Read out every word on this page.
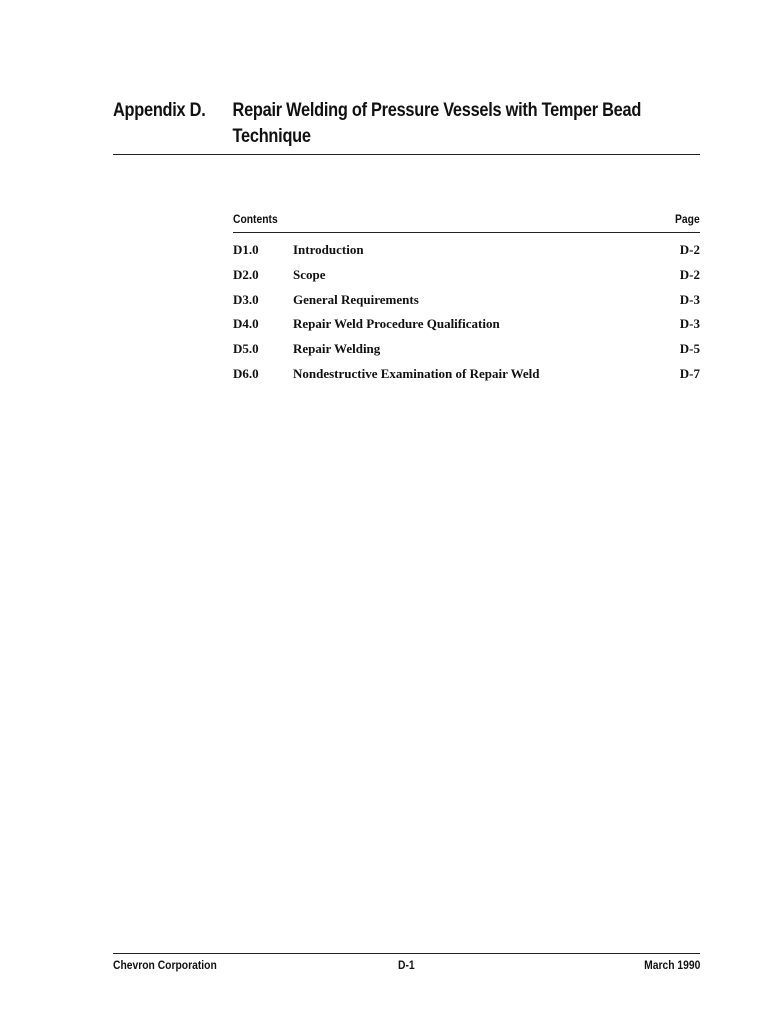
Appendix D. Repair Welding of Pressure Vessels with Temper Bead Technique
Contents	Page
D1.0	Introduction	D-2
D2.0	Scope	D-2
D3.0	General Requirements	D-3
D4.0	Repair Weld Procedure Qualification	D-3
D5.0	Repair Welding	D-5
D6.0	Nondestructive Examination of Repair Weld	D-7
Chevron Corporation	D-1	March 1990
